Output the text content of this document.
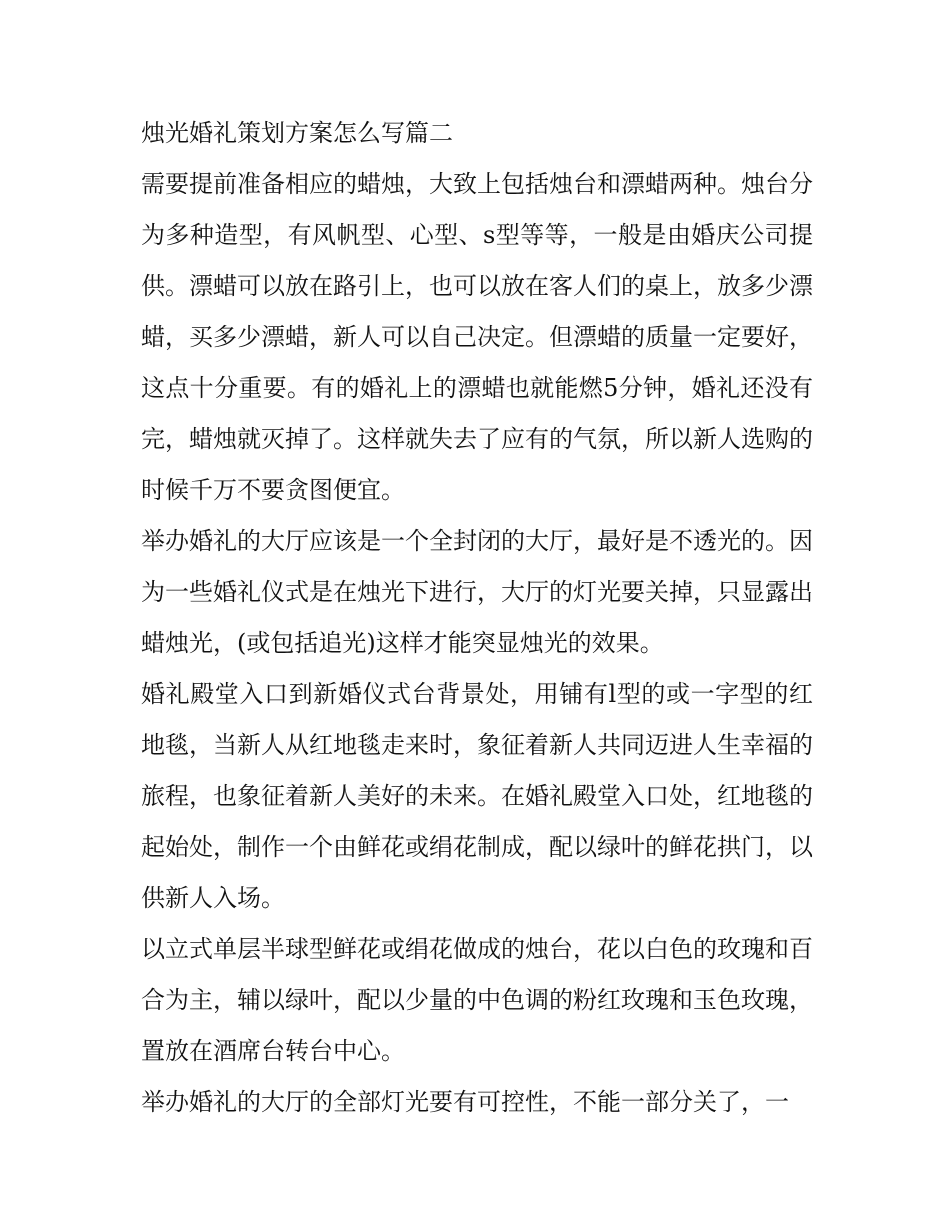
烛光婚礼策划方案怎么写篇二
需要提前准备相应的蜡烛，大致上包括烛台和漂蜡两种。烛台分为多种造型，有风帆型、心型、s型等等，一般是由婚庆公司提供。漂蜡可以放在路引上，也可以放在客人们的桌上，放多少漂蜡，买多少漂蜡，新人可以自己决定。但漂蜡的质量一定要好，这点十分重要。有的婚礼上的漂蜡也就能燃5分钟，婚礼还没有完，蜡烛就灭掉了。这样就失去了应有的气氛，所以新人选购的时候千万不要贪图便宜。
举办婚礼的大厅应该是一个全封闭的大厅，最好是不透光的。因为一些婚礼仪式是在烛光下进行，大厅的灯光要关掉，只显露出蜡烛光，(或包括追光)这样才能突显烛光的效果。
婚礼殿堂入口到新婚仪式台背景处，用铺有l型的或一字型的红地毯，当新人从红地毯走来时，象征着新人共同迈进人生幸福的旅程，也象征着新人美好的未来。在婚礼殿堂入口处，红地毯的起始处，制作一个由鲜花或绢花制成，配以绿叶的鲜花拱门，以供新人入场。
以立式单层半球型鲜花或绢花做成的烛台，花以白色的玫瑰和百合为主，辅以绿叶，配以少量的中色调的粉红玫瑰和玉色玫瑰，置放在酒席台转台中心。
举办婚礼的大厅的全部灯光要有可控性，不能一部分关了，一
